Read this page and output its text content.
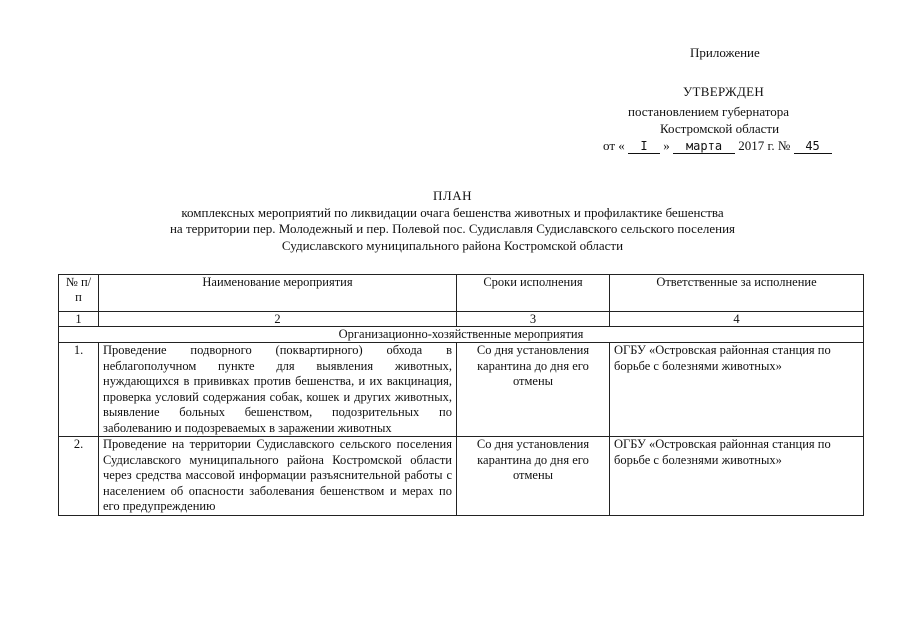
Приложение
УТВЕРЖДЕН
постановлением губернатора
Костромской области
от « I » марта 2017 г. № 45
ПЛАН
комплексных мероприятий по ликвидации очага бешенства животных и профилактике бешенства
на территории пер. Молодежный и пер. Полевой пос. Судиславля Судиславского сельского поселения
Судиславского муниципального района Костромской области
№ п/п	Наименование мероприятия	Сроки исполнения	Ответственные за исполнение
1	2	3	4
Организационно-хозяйственные мероприятия			
1.	Проведение подворного (поквартирного) обхода в неблагополучном пункте для выявления животных, нуждающихся в прививках против бешенства, и их вакцинация, проверка условий содержания собак, кошек и других животных, выявление больных бешенством, подозрительных по заболеванию и подозреваемых в заражении животных	Со дня установления карантина до дня его отмены	ОГБУ «Островская районная станция по борьбе с болезнями животных»
2.	Проведение на территории Судиславского сельского поселения Судиславского муниципального района Костромской области через средства массовой информации разъяснительной работы с населением об опасности заболевания бешенством и мерах по его предупреждению	Со дня установления карантина до дня его отмены	ОГБУ «Островская районная станция по борьбе с болезнями животных»
